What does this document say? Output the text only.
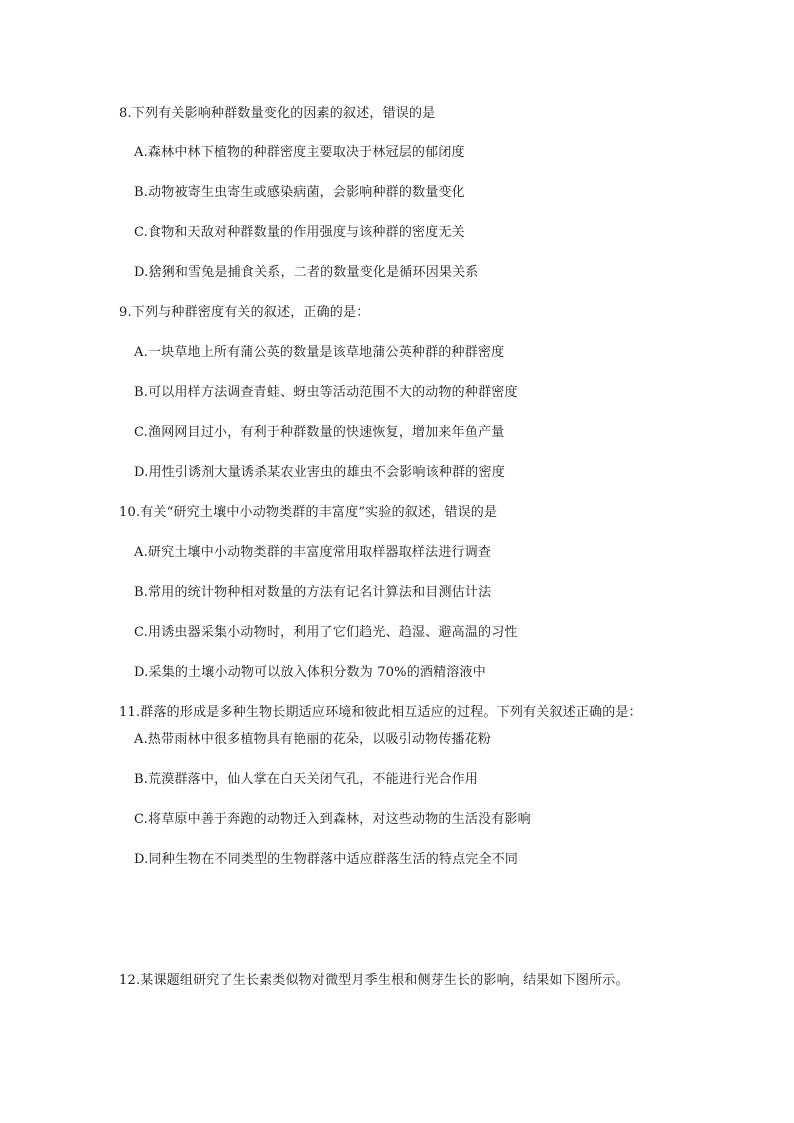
8.下列有关影响种群数量变化的因素的叙述，错误的是
A.森林中林下植物的种群密度主要取决于林冠层的郁闭度
B.动物被寄生虫寄生或感染病菌，会影响种群的数量变化
C.食物和天敌对种群数量的作用强度与该种群的密度无关
D.猞猁和雪兔是捕食关系，二者的数量变化是循环因果关系
9.下列与种群密度有关的叙述，正确的是：
A.一块草地上所有蒲公英的数量是该草地蒲公英种群的种群密度
B.可以用样方法调查青蛙、蚜虫等活动范围不大的动物的种群密度
C.渔网网目过小，有利于种群数量的快速恢复，增加来年鱼产量
D.用性引诱剂大量诱杀某农业害虫的雄虫不会影响该种群的密度
10.有关“研究土壤中小动物类群的丰富度”实验的叙述，错误的是
A.研究土壤中小动物类群的丰富度常用取样器取样法进行调查
B.常用的统计物种相对数量的方法有记名计算法和目测估计法
C.用诱虫器采集小动物时，利用了它们趋光、趋湿、避高温的习性
D.采集的土壤小动物可以放入体积分数为 70%的酒精溶液中
11.群落的形成是多种生物长期适应环境和彼此相互适应的过程。下列有关叙述正确的是：
A.热带雨林中很多植物具有艳丽的花朵，以吸引动物传播花粉
B.荒漠群落中，仙人掌在白天关闭气孔，不能进行光合作用
C.将草原中善于奔跑的动物迁入到森林，对这些动物的生活没有影响
D.同种生物在不同类型的生物群落中适应群落生活的特点完全不同
12.某课题组研究了生长素类似物对微型月季生根和侧芽生长的影响，结果如下图所示。
